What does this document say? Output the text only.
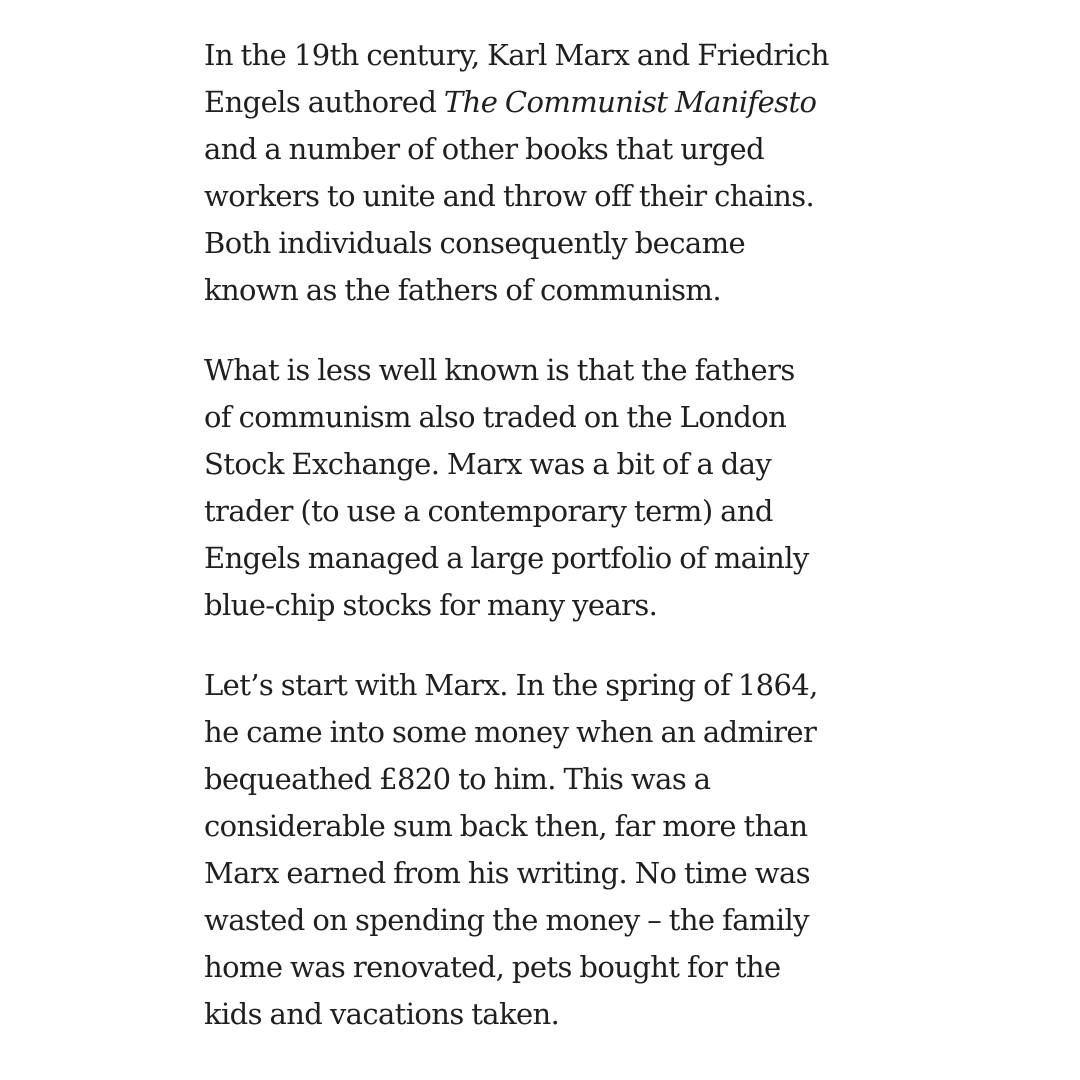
In the 19th century, Karl Marx and Friedrich
Engels authored The Communist Manifesto
and a number of other books that urged
workers to unite and throw off their chains.
Both individuals consequently became
known as the fathers of communism.

What is less well known is that the fathers
of communism also traded on the London
Stock Exchange. Marx was a bit of a day
trader (to use a contemporary term) and
Engels managed a large portfolio of mainly
blue-chip stocks for many years.

Let’s start with Marx. In the spring of 1864,
he came into some money when an admirer
bequeathed £820 to him. This was a
considerable sum back then, far more than
Marx earned from his writing. No time was
wasted on spending the money – the family
home was renovated, pets bought for the
kids and vacations taken.
